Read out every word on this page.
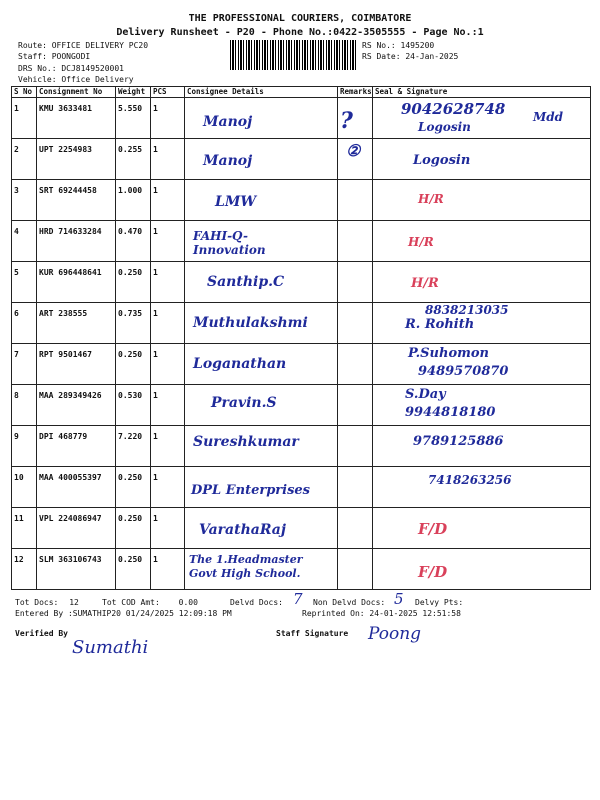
THE PROFESSIONAL COURIERS, COIMBATORE
Delivery Runsheet - P20 - Phone No.:0422-3505555 - Page No.:1
Route: OFFICE DELIVERY PC20
Staff: POONGODI
DRS No.: DCJ8149520001
Vehicle: Office Delivery
RS No.: 1495200
RS Date: 24-Jan-2025
S No	Consignment No	Weight	PCS	Consignee Details	Remarks	Seal & Signature

1	KMU 3633481	5.550	1	Manoj	?	9042628748
Logosin
Mdd

2	UPT 2254983	0.255	1	Manoj	②	Logosin

3	SRT 69244458	1.000	1	LMW		H/R

4	HRD 714633284	0.470	1	FAHI-Q-Innovation		H/R

5	KUR 696448641	0.250	1	Santhip.C		H/R

6	ART 238555	0.735	1	Muthulakshmi		8838213035
R. Rohith

7	RPT 9501467	0.250	1	Loganathan		P.Suhomon
9489570870

8	MAA 289349426	0.530	1	Pravin.S		S.Day
9944818180

9	DPI 468779	7.220	1	Sureshkumar		9789125886

10	MAA 400055397	0.250	1	DPL Enterprises		7418263256

11	VPL 224086947	0.250	1	VarathaRaj		F/D

12	SLM 363106743	0.250	1	The 1.Headmaster Govt High School.		F/D
Tot Docs: 12	Tot COD Amt: 0.00	Delvd Docs: 7 Non Delvd Docs: 5 Delvy Pts:
Entered By :SUMATHIP20 01/24/2025 12:09:18 PM	Reprinted On: 24-01-2025 12:51:58
Verified By
Sumathi
Staff Signature Poong
